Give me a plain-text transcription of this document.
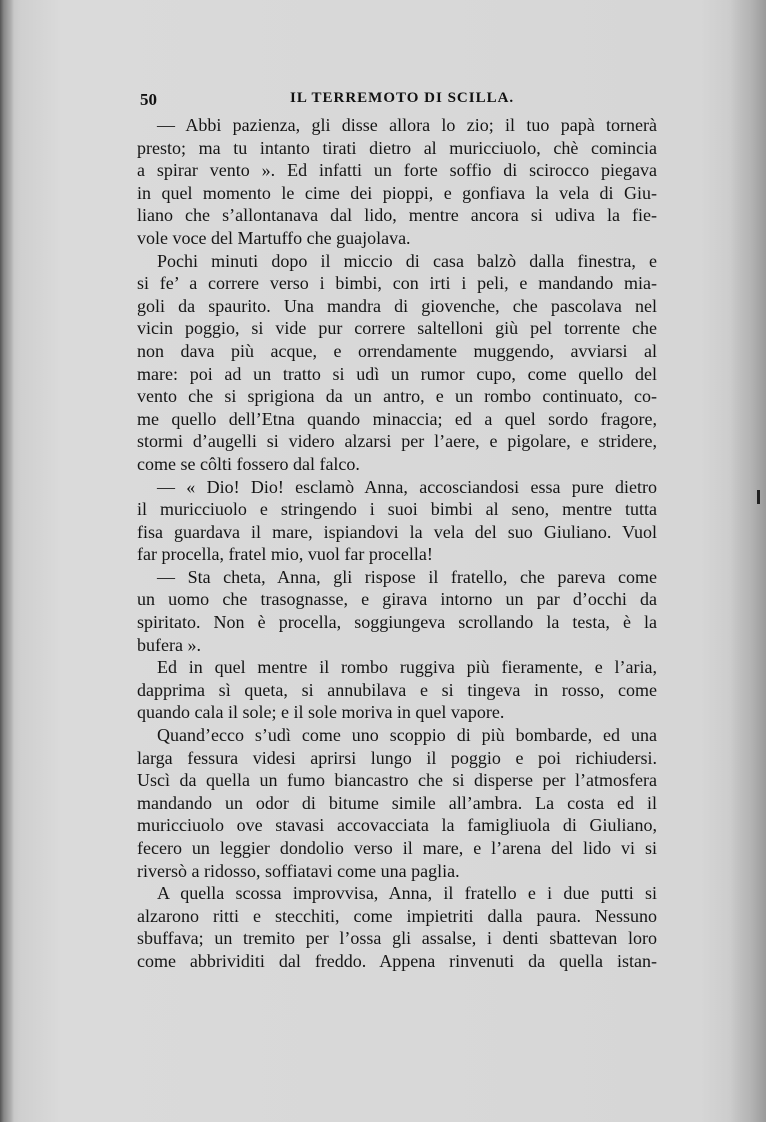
50	IL TERREMOTO DI SCILLA.
— Abbi pazienza, gli disse allora lo zio; il tuo papà tornerà
presto; ma tu intanto tirati dietro al muricciuolo, chè comincia
a spirar vento ». Ed infatti un forte soffio di scirocco piegava
in quel momento le cime dei pioppi, e gonfiava la vela di Giu-
liano che s’allontanava dal lido, mentre ancora si udiva la fie-
vole voce del Martuffo che guajolava.
Pochi minuti dopo il miccio di casa balzò dalla finestra, e
si fe’ a correre verso i bimbi, con irti i peli, e mandando mia-
goli da spaurito. Una mandra di giovenche, che pascolava nel
vicin poggio, si vide pur correre saltelloni giù pel torrente che
non dava più acque, e orrendamente muggendo, avviarsi al
mare: poi ad un tratto si udì un rumor cupo, come quello del
vento che si sprigiona da un antro, e un rombo continuato, co-
me quello dell’Etna quando minaccia; ed a quel sordo fragore,
stormi d’augelli si videro alzarsi per l’aere, e pigolare, e stridere,
come se côlti fossero dal falco.
— « Dio! Dio! esclamò Anna, accosciandosi essa pure dietro
il muricciuolo e stringendo i suoi bimbi al seno, mentre tutta
fisa guardava il mare, ispiandovi la vela del suo Giuliano. Vuol
far procella, fratel mio, vuol far procella!
— Sta cheta, Anna, gli rispose il fratello, che pareva come
un uomo che trasognasse, e girava intorno un par d’occhi da
spiritato. Non è procella, soggiungeva scrollando la testa, è la
bufera ».
Ed in quel mentre il rombo ruggiva più fieramente, e l’aria,
dapprima sì queta, si annubilava e si tingeva in rosso, come
quando cala il sole; e il sole moriva in quel vapore.
Quand’ecco s’udì come uno scoppio di più bombarde, ed una
larga fessura videsi aprirsi lungo il poggio e poi richiudersi.
Uscì da quella un fumo biancastro che si disperse per l’atmosfera
mandando un odor di bitume simile all’ambra. La costa ed il
muricciuolo ove stavasi accovacciata la famigliuola di Giuliano,
fecero un leggier dondolio verso il mare, e l’arena del lido vi si
riversò a ridosso, soffiatavi come una paglia.
A quella scossa improvvisa, Anna, il fratello e i due putti si
alzarono ritti e stecchiti, come impietriti dalla paura. Nessuno
sbuffava; un tremito per l’ossa gli assalse, i denti sbattevan loro
come abbrividiti dal freddo. Appena rinvenuti da quella istan-
